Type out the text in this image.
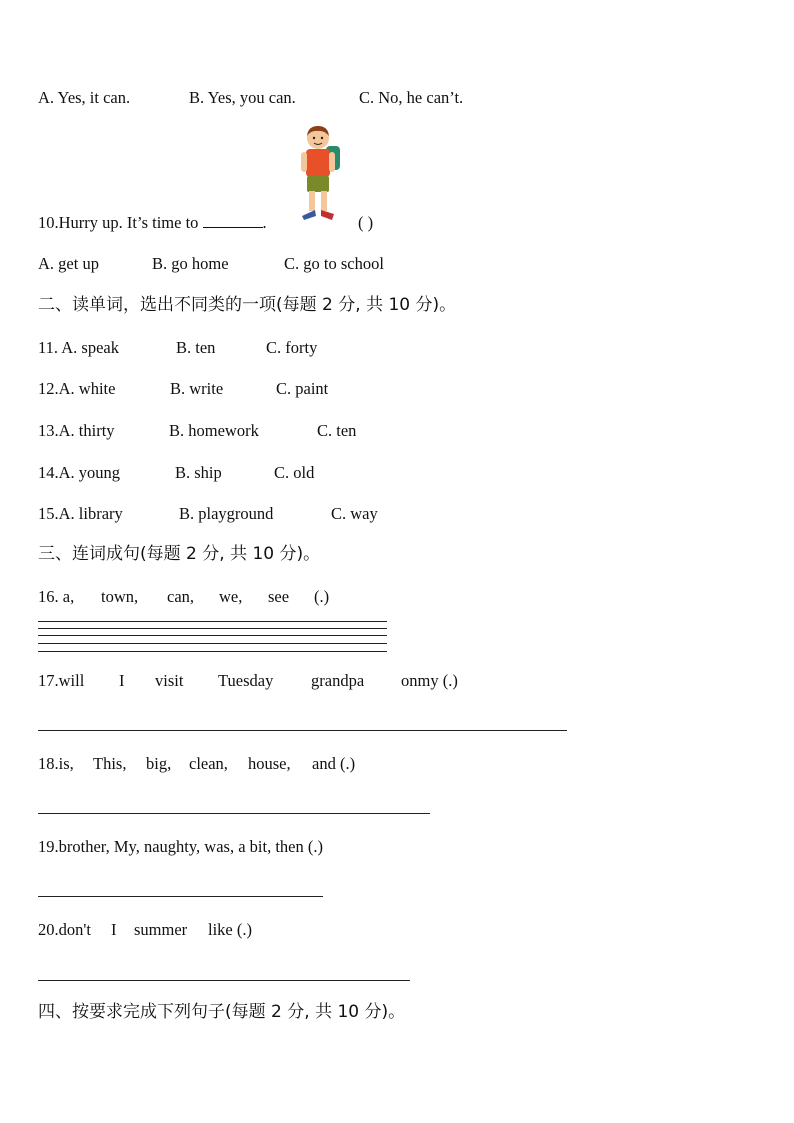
A. Yes, it can.	B. Yes, you can.	C. No, he can’t.
10.Hurry up. It’s time to	.	( )
A. get up	B. go home	C. go to school
二、读单词，选出不同类的一项(每题 2 分, 共 10 分)。
11. A. speak	B. ten	C. forty
12.A. white	B. write	C. paint
13.A. thirty	B. homework	C. ten
14.A. young	B. ship	C. old
15.A. library	B. playground	C. way
三、连词成句(每题 2 分, 共 10 分)。
16. a, town, can, we, see (.)
17.will I visit Tuesday grandpa onmy (.)
18.is, This, big, clean, house, and (.)
19.brother, My, naughty, was, a bit, then (.)
20.don't I summer like (.)
四、按要求完成下列句子(每题 2 分, 共 10 分)。
